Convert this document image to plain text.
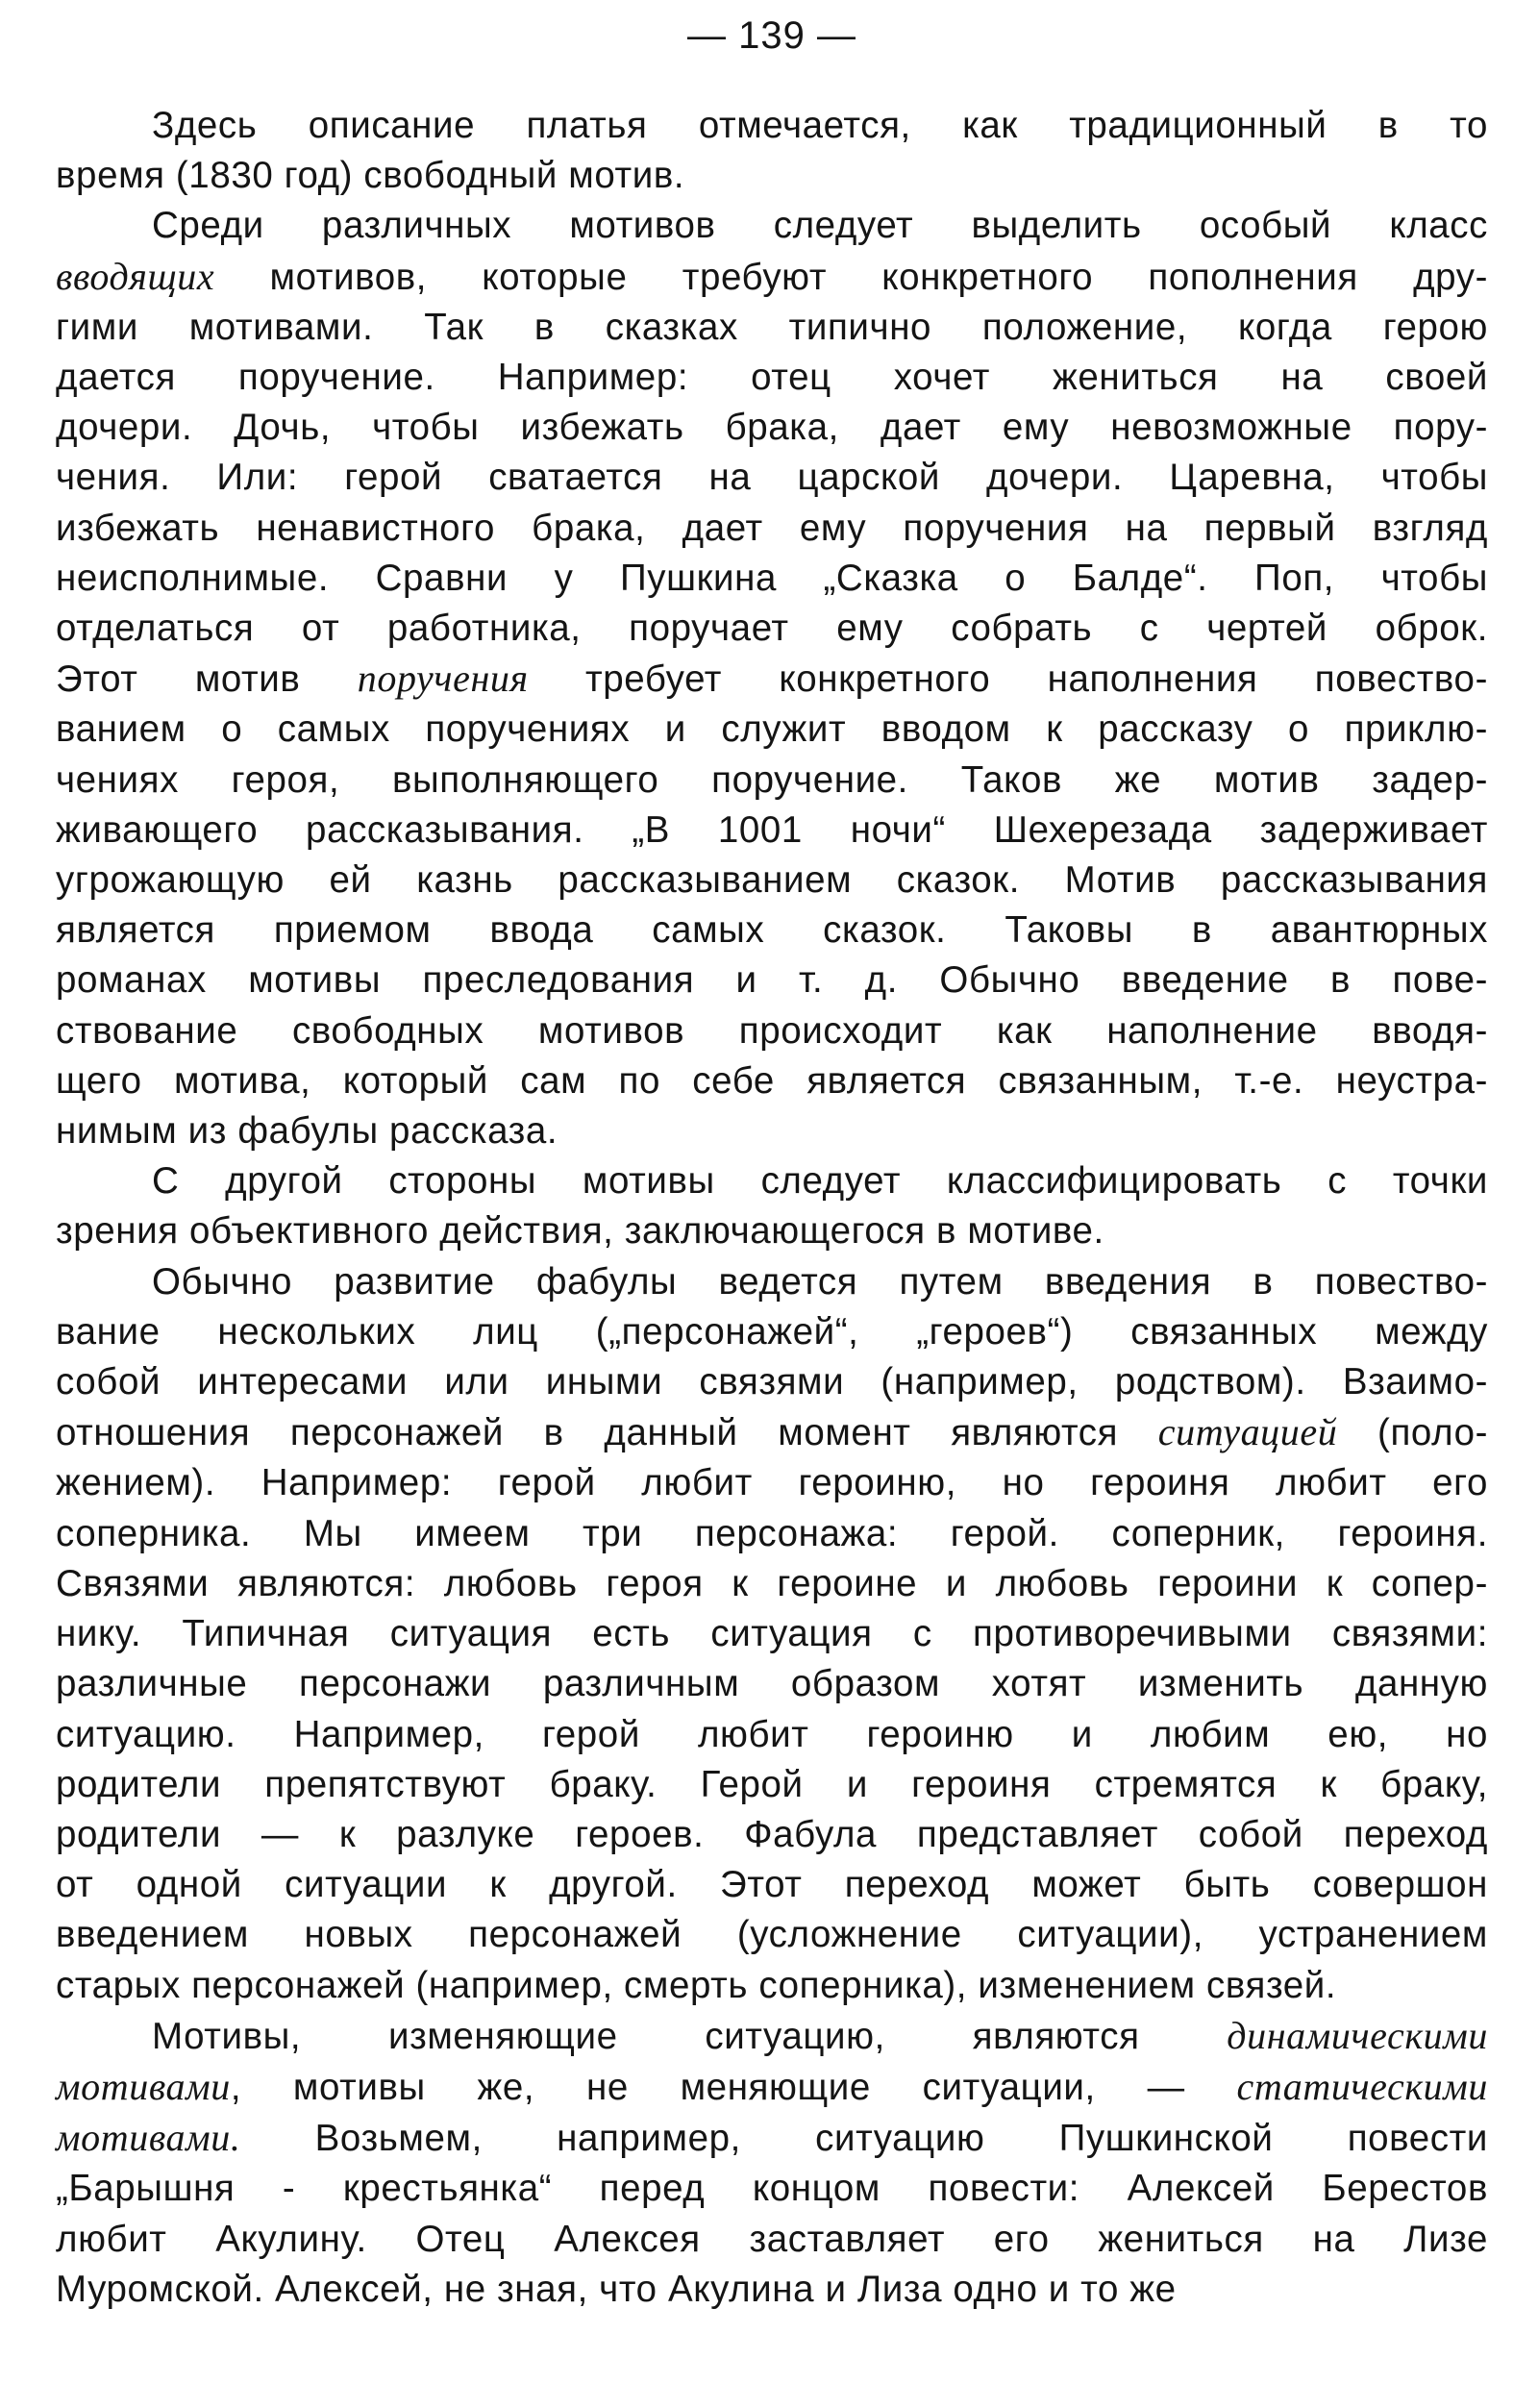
— 139 —
Здесь описание платья отмечается, как традиционный в то
время (1830 год) свободный мотив.
Среди различных мотивов следует выделить особый класс
вводящих мотивов, которые требуют конкретного пополнения дру-
гими мотивами. Так в сказках типично положение, когда герою
дается поручение. Например: отец хочет жениться на своей
дочери. Дочь, чтобы избежать брака, дает ему невозможные пору-
чения. Или: герой сватается на царской дочери. Царевна, чтобы
избежать ненавистного брака, дает ему поручения на первый взгляд
неисполнимые. Сравни у Пушкина „Сказка о Балде“. Поп, чтобы
отделаться от работника, поручает ему собрать с чертей оброк.
Этот мотив поручения требует конкретного наполнения повество-
ванием о самых поручениях и служит вводом к рассказу о приклю-
чениях героя, выполняющего поручение. Таков же мотив задер-
живающего рассказывания. „В 1001 ночи“ Шехерезада задерживает
угрожающую ей казнь рассказыванием сказок. Мотив рассказывания
является приемом ввода самых сказок. Таковы в авантюрных
романах мотивы преследования и т. д. Обычно введение в пове-
ствование свободных мотивов происходит как наполнение вводя-
щего мотива, который сам по себе является связанным, т.-е. неустра-
нимым из фабулы рассказа.
С другой стороны мотивы следует классифицировать с точки
зрения объективного действия, заключающегося в мотиве.
Обычно развитие фабулы ведется путем введения в повество-
вание нескольких лиц („персонажей“, „героев“) связанных между
собой интересами или иными связями (например, родством). Взаимо-
отношения персонажей в данный момент являются ситуацией (поло-
жением). Например: герой любит героиню, но героиня любит его
соперника. Мы имеем три персонажа: герой. соперник, героиня.
Связями являются: любовь героя к героине и любовь героини к сопер-
нику. Типичная ситуация есть ситуация с противоречивыми связями:
различные персонажи различным образом хотят изменить данную
ситуацию. Например, герой любит героиню и любим ею, но
родители препятствуют браку. Герой и героиня стремятся к браку,
родители — к разлуке героев. Фабула представляет собой переход
от одной ситуации к другой. Этот переход может быть совершон
введением новых персонажей (усложнение ситуации), устранением
старых персонажей (например, смерть соперника), изменением связей.
Мотивы, изменяющие ситуацию, являются динамическими
мотивами, мотивы же, не меняющие ситуации, — статическими
мотивами. Возьмем, например, ситуацию Пушкинской повести
„Барышня - крестьянка“ перед концом повести: Алексей Берестов
любит Акулину. Отец Алексея заставляет его жениться на Лизе
Муромской. Алексей, не зная, что Акулина и Лиза одно и то же
